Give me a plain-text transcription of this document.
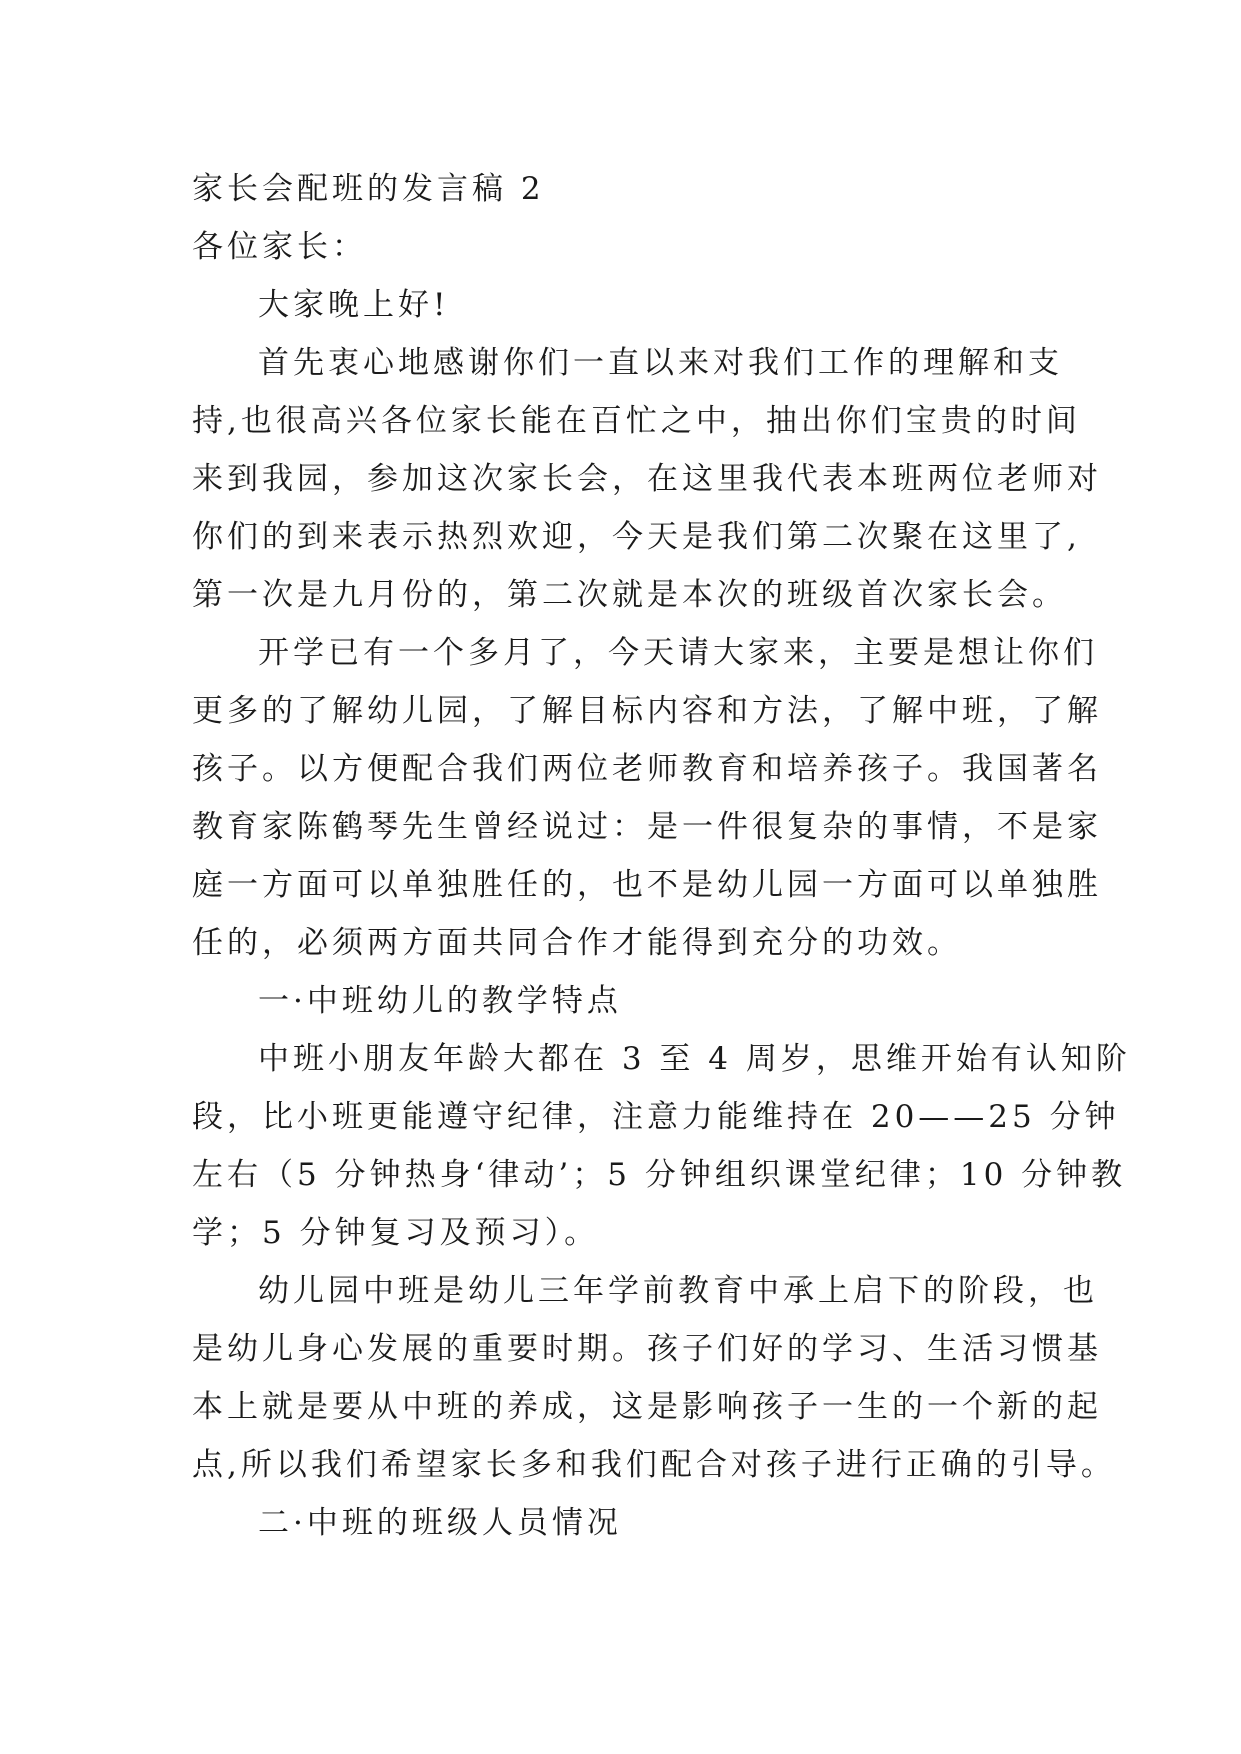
家长会配班的发言稿 2
各位家长：
大家晚上好!
首先衷心地感谢你们一直以来对我们工作的理解和支
持,也很高兴各位家长能在百忙之中，抽出你们宝贵的时间
来到我园，参加这次家长会，在这里我代表本班两位老师对
你们的到来表示热烈欢迎，今天是我们第二次聚在这里了,
第一次是九月份的，第二次就是本次的班级首次家长会。
开学已有一个多月了，今天请大家来，主要是想让你们
更多的了解幼儿园，了解目标内容和方法，了解中班，了解
孩子。以方便配合我们两位老师教育和培养孩子。我国著名
教育家陈鹤琴先生曾经说过：是一件很复杂的事情，不是家
庭一方面可以单独胜任的，也不是幼儿园一方面可以单独胜
任的，必须两方面共同合作才能得到充分的功效。
一·中班幼儿的教学特点
中班小朋友年龄大都在 3 至 4 周岁，思维开始有认知阶
段，比小班更能遵守纪律，注意力能维持在 20——25 分钟
左右（5 分钟热身‘律动’；5 分钟组织课堂纪律；10 分钟教
学；5 分钟复习及预习）。
幼儿园中班是幼儿三年学前教育中承上启下的阶段，也
是幼儿身心发展的重要时期。孩子们好的学习、生活习惯基
本上就是要从中班的养成，这是影响孩子一生的一个新的起
点,所以我们希望家长多和我们配合对孩子进行正确的引导。
二·中班的班级人员情况
